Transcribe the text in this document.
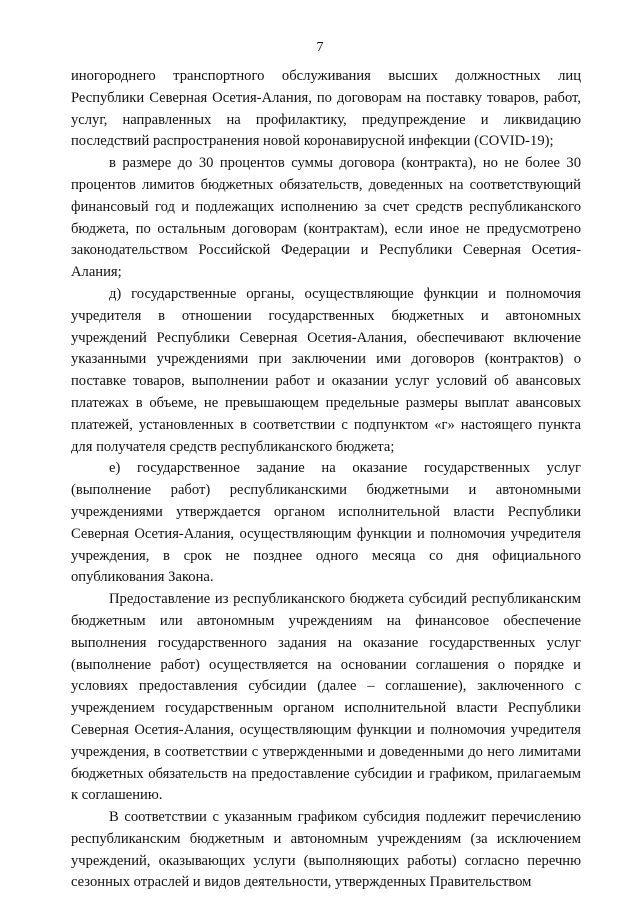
7

иногороднего транспортного обслуживания высших должностных лиц Республики Северная Осетия-Алания, по договорам на поставку товаров, работ, услуг, направленных на профилактику, предупреждение и ликвидацию последствий распространения новой коронавирусной инфекции (COVID-19);

в размере до 30 процентов суммы договора (контракта), но не более 30 процентов лимитов бюджетных обязательств, доведенных на соответствующий финансовый год и подлежащих исполнению за счет средств республиканского бюджета, по остальным договорам (контрактам), если иное не предусмотрено законодательством Российской Федерации и Республики Северная Осетия-Алания;

д) государственные органы, осуществляющие функции и полномочия учредителя в отношении государственных бюджетных и автономных учреждений Республики Северная Осетия-Алания, обеспечивают включение указанными учреждениями при заключении ими договоров (контрактов) о поставке товаров, выполнении работ и оказании услуг условий об авансовых платежах в объеме, не превышающем предельные размеры выплат авансовых платежей, установленных в соответствии с подпунктом «г» настоящего пункта для получателя средств республиканского бюджета;

е) государственное задание на оказание государственных услуг (выполнение работ) республиканскими бюджетными и автономными учреждениями утверждается органом исполнительной власти Республики Северная Осетия-Алания, осуществляющим функции и полномочия учредителя учреждения, в срок не позднее одного месяца со дня официального опубликования Закона.

Предоставление из республиканского бюджета субсидий республиканским бюджетным или автономным учреждениям на финансовое обеспечение выполнения государственного задания на оказание государственных услуг (выполнение работ) осуществляется на основании соглашения о порядке и условиях предоставления субсидии (далее – соглашение), заключенного с учреждением государственным органом исполнительной власти Республики Северная Осетия-Алания, осуществляющим функции и полномочия учредителя учреждения, в соответствии с утвержденными и доведенными до него лимитами бюджетных обязательств на предоставление субсидии и графиком, прилагаемым к соглашению.

В соответствии с указанным графиком субсидия подлежит перечислению республиканским бюджетным и автономным учреждениям (за исключением учреждений, оказывающих услуги (выполняющих работы) согласно перечню сезонных отраслей и видов деятельности, утвержденных Правительством
